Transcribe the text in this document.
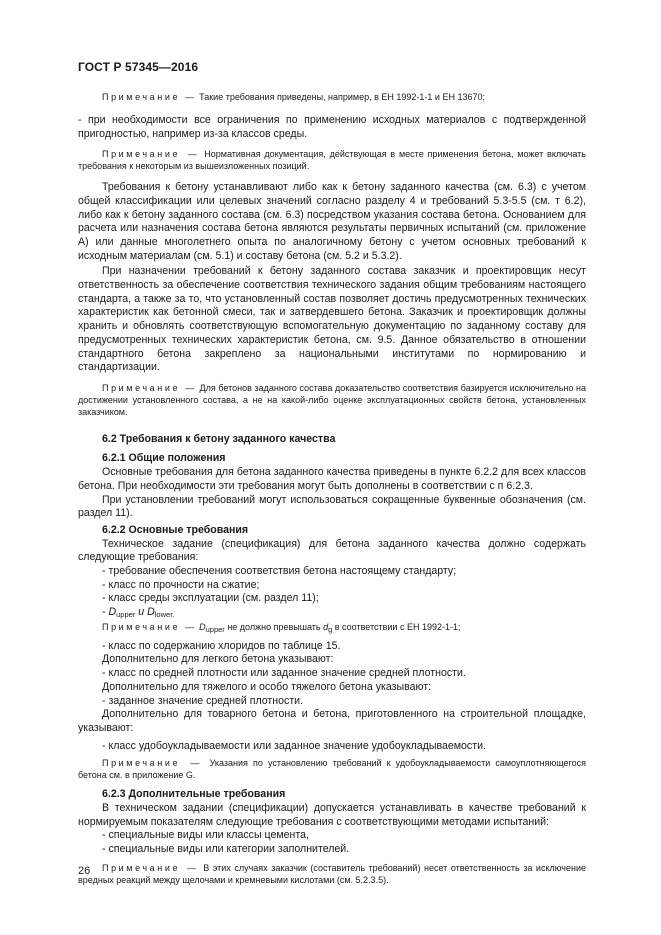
ГОСТ Р 57345—2016

Примечание — Такие требования приведены, например, в ЕН 1992-1-1 и ЕН 13670;

- при необходимости все ограничения по применению исходных материалов с подтвержденной пригодностью, например из-за классов среды.

Примечание — Нормативная документация, действующая в месте применения бетона, может включать требования к некоторым из вышеизложенных позиций.

Требования к бетону устанавливают либо как к бетону заданного качества (см. 6.3) с учетом общей классификации или целевых значений согласно разделу 4 и требований 5.3-5.5 (см. т 6.2), либо как к бетону заданного состава (см. 6.3) посредством указания состава бетона. Основанием для расчета или назначения состава бетона являются результаты первичных испытаний (см. приложение А) или данные многолетнего опыта по аналогичному бетону с учетом основных требований к исходным материалам (см. 5.1) и составу бетона (см. 5.2 и 5.3.2).

При назначении требований к бетону заданного состава заказчик и проектировщик несут ответственность за обеспечение соответствия технического задания общим требованиям настоящего стандарта, а также за то, что установленный состав позволяет достичь предусмотренных технических характеристик как бетонной смеси, так и затвердевшего бетона. Заказчик и проектировщик должны хранить и обновлять соответствующую вспомогательную документацию по заданному составу для предусмотренных технических характеристик бетона, см. 9.5. Данное обязательство в отношении стандартного бетона закреплено за национальными институтами по нормированию и стандартизации.

Примечание — Для бетонов заданного состава доказательство соответствия базируется исключительно на достижении установленного состава, а не на какой-либо оценке эксплуатационных свойств бетона, установленных заказчиком.

6.2 Требования к бетону заданного качества

6.2.1 Общие положения

Основные требования для бетона заданного качества приведены в пункте 6.2.2 для всех классов бетона. При необходимости эти требования могут быть дополнены в соответствии с п 6.2.3.

При установлении требований могут использоваться сокращенные буквенные обозначения (см. раздел 11).

6.2.2 Основные требования

Техническое задание (спецификация) для бетона заданного качества должно содержать следующие требования:

- требование обеспечения соответствия бетона настоящему стандарту;

- класс по прочности на сжатие;

- класс среды эксплуатации (см. раздел 11);

- $D_{upper}$ и $D_{lower.}$

Примечание — $D_{upper}$ не должно превышать $d_g$ в соответствии с ЕН 1992-1-1;

- класс по содержанию хлоридов по таблице 15.

Дополнительно для легкого бетона указывают:

- класс по средней плотности или заданное значение средней плотности.

Дополнительно для тяжелого и особо тяжелого бетона указывают:

- заданное значение средней плотности.

Дополнительно для товарного бетона и бетона, приготовленного на строительной площадке, указывают:

- класс удобоукладываемости или заданное значение удобоукладываемости.

Примечание — Указания по установлению требований к удобоукладываемости самоуплотняющегося бетона см. в приложение G.

6.2.3 Дополнительные требования

В техническом задании (спецификации) допускается устанавливать в качестве требований к нормируемым показателям следующие требования с соответствующими методами испытаний:

- специальные виды или классы цемента,

- специальные виды или категории заполнителей.

Примечание — В этих случаях заказчик (составитель требований) несет ответственность за исключение вредных реакций между щелочами и кремневыми кислотами (см. 5.2.3.5).

26
